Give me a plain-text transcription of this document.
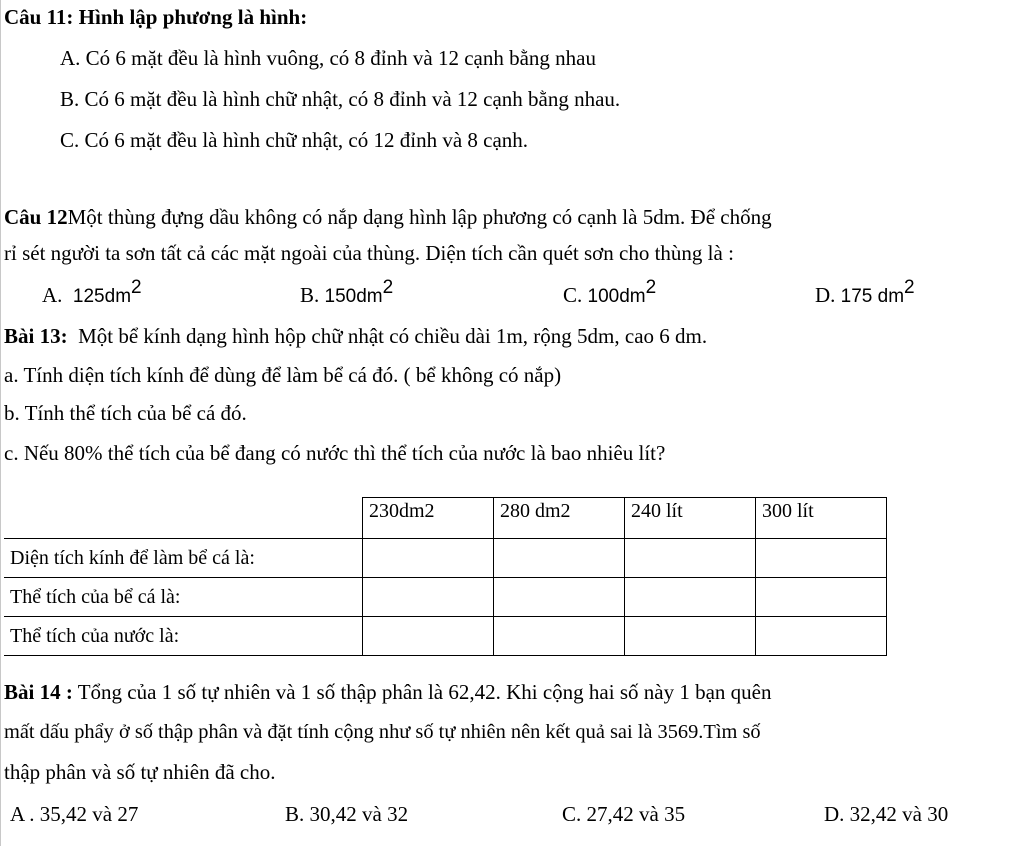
Câu 11: Hình lập phương là hình:
A. Có 6 mặt đều là hình vuông, có 8 đỉnh và 12 cạnh bằng nhau
B. Có 6 mặt đều là hình chữ nhật, có 8 đỉnh và 12 cạnh bằng nhau.
C. Có 6 mặt đều là hình chữ nhật, có 12 đỉnh và 8 cạnh.
Câu 12Một thùng đựng dầu không có nắp dạng hình lập phương có cạnh là 5dm. Để chống
rỉ sét người ta sơn tất cả các mặt ngoài của thùng. Diện tích cần quét sơn cho thùng là :
A. $125dm^2$	B. $150dm^2$	C. $100dm^2$	D. 175 $dm^2$
Bài 13: Một bể kính dạng hình hộp chữ nhật có chiều dài 1m, rộng 5dm, cao 6 dm.
a. Tính diện tích kính để dùng để làm bể cá đó. ( bể không có nắp)
b. Tính thể tích của bể cá đó.
c. Nếu 80% thể tích của bể đang có nước thì thể tích của nước là bao nhiêu lít?
	230dm2	280 dm2	240 lít	300 lít
Diện tích kính để làm bể cá là:				
Thể tích của bể cá là:				
Thể tích của nước là:				
Bài 14 : Tổng của 1 số tự nhiên và 1 số thập phân là 62,42. Khi cộng hai số này 1 bạn quên
mất dấu phẩy ở số thập phân và đặt tính cộng như số tự nhiên nên kết quả sai là 3569.Tìm số
thập phân và số tự nhiên đã cho.
A . 35,42 và 27	B. 30,42 và 32	C. 27,42 và 35	D. 32,42 và 30
